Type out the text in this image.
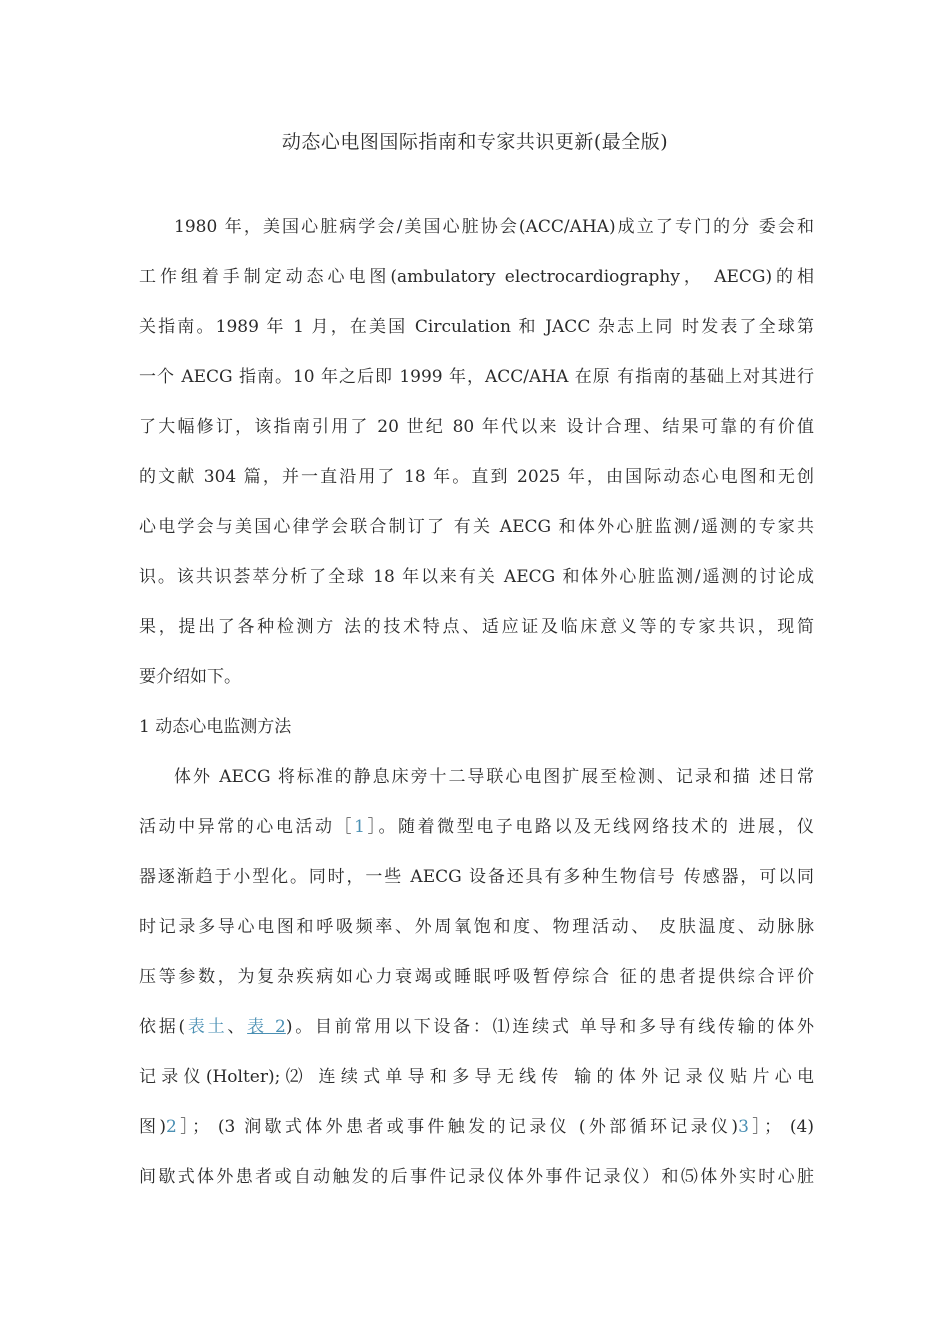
动态心电图国际指南和专家共识更新(最全版)
1980 年，美国心脏病学会/美国心脏协会(ACC/AHA)成立了专门的分 委会和
工作组着手制定动态心电图(ambulatory electrocardiography， AECG)的相
关指南。1989 年 1 月，在美国 Circulation 和 JACC 杂志上同 时发表了全球第
一个 AECG 指南。10 年之后即 1999 年，ACC/AHA 在原 有指南的基础上对其进行
了大幅修订，该指南引用了 20 世纪 80 年代以来 设计合理、结果可靠的有价值
的文献 304 篇，并一直沿用了 18 年。直到 2025 年，由国际动态心电图和无创
心电学会与美国心律学会联合制订了 有关 AECG 和体外心脏监测/遥测的专家共
识。该共识荟萃分析了全球 18 年以来有关 AECG 和体外心脏监测/遥测的讨论成
果，提出了各种检测方 法的技术特点、适应证及临床意义等的专家共识，现简
要介绍如下。
1 动态心电监测方法
体外 AECG 将标准的静息床旁十二导联心电图扩展至检测、记录和描 述日常
活动中异常的心电活动［1］。随着微型电子电路以及无线网络技术的 进展，仪
器逐渐趋于小型化。同时，一些 AECG 设备还具有多种生物信号 传感器，可以同
时记录多导心电图和呼吸频率、外周氧饱和度、物理活动、 皮肤温度、动脉脉
压等参数，为复杂疾病如心力衰竭或睡眠呼吸暂停综合 征的患者提供综合评价
依据(表土、表 2)。目前常用以下设备：⑴连续式 单导和多导有线传输的体外
记录仪(Holter);⑵ 连续式单导和多导无线传 输的体外记录仪贴片心电
图)2］； (3 涧歇式体外患者或事件触发的记录仪 (外部循环记录仪)3］； (4)
间歇式体外患者或自动触发的后事件记录仪体外事件记录仪）和⑸体外实时心脏
